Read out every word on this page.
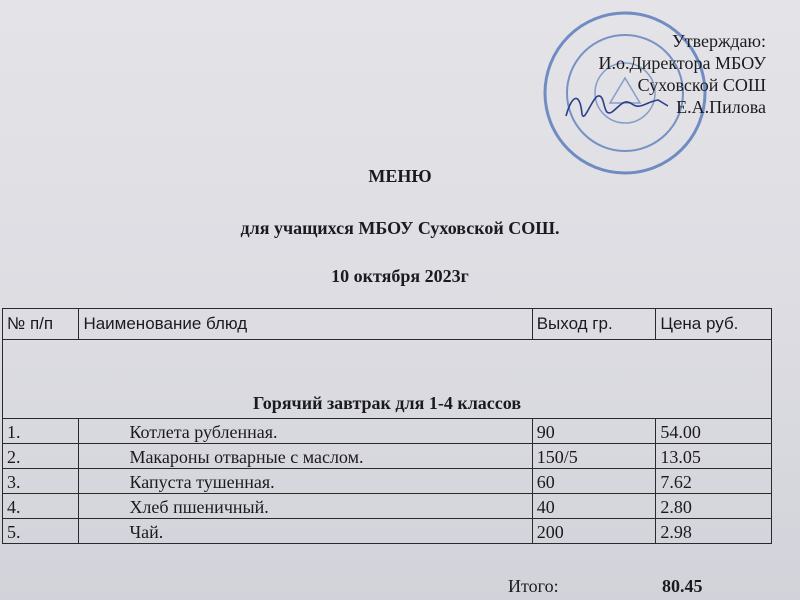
Утверждаю:
И.о.Директора МБОУ
Суховской СОШ
Е.А.Пилова
МЕНЮ
для учащихся МБОУ Суховской СОШ.
10 октября 2023г
№ п/п	Наименование блюд	Выход гр.	Цена руб.
Горячий завтрак для 1-4 классов			
1.	Котлета рубленная.	90	54.00
2.	Макароны отварные с маслом.	150/5	13.05
3.	Капуста тушенная.	60	7.62
4.	Хлеб пшеничный.	40	2.80
5.	Чай.	200	2.98
Итого:	80.45
